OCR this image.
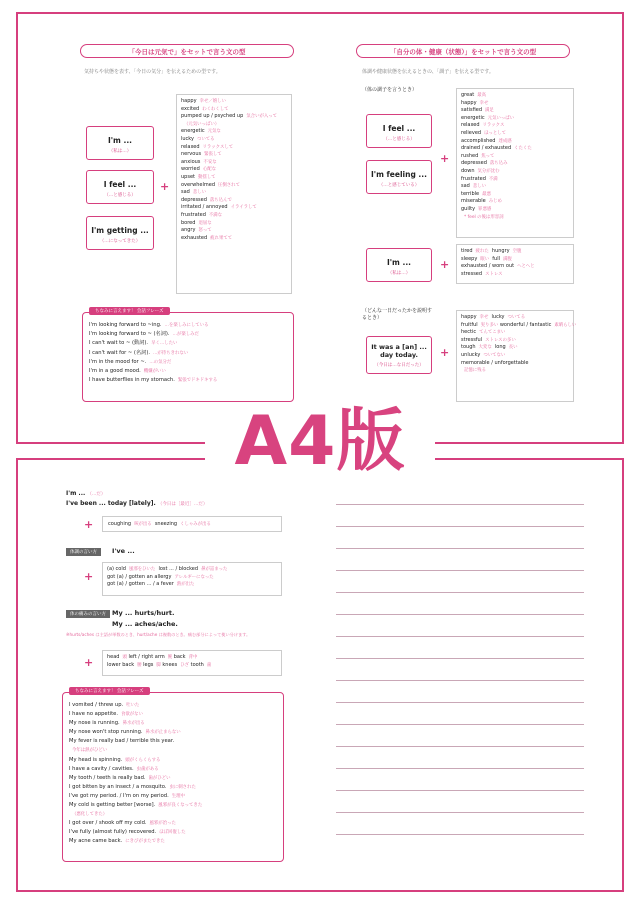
「今日は元気で」をセットで言う文の型
気持ちや状態を表す、「今日の気分」を伝えるための型です。
I'm ...
（私は…）
I feel ...
（…と感じる）
I'm getting ...
（…になってきた）
+
happy 幸せ／嬉しい
excited わくわくして
pumped up / psyched up 気合いが入って
（元気いっぱい）
energetic 元気な
lucky ついてる
relaxed リラックスして
nervous 緊張して
anxious 不安な
worried 心配な
upset 動揺して
overwhelmed 圧倒されて
sad 悲しい
depressed 落ち込んで
irritated / annoyed イライラして
frustrated 不満な
bored 退屈な
angry 怒って
exhausted 疲れ果てて
ちなみに言えます！ 会話フレーズ
I'm looking forward to ~ing. …を楽しみにしている
I'm looking forward to ~ (名詞). …が楽しみだ
I can't wait to ~ (動詞). 早く…したい
I can't wait for ~ (名詞). …が待ちきれない
I'm in the mood for ~. …の気分だ
I'm in a good mood. 機嫌がいい
I have butterflies in my stomach. 緊張でドキドキする
「自分の体・健康（状態）」をセットで言う文の型
体調や健康状態を伝えるときの、「調子」を伝える型です。
（体の調子を言うとき）
I feel ...
（…と感じる）
I'm feeling ...
（…と感じている）
+
great 最高
happy 幸せ
satisfied 満足
energetic 元気いっぱい
relaxed リラックス
relieved ほっとして
accomplished 達成感
drained / exhausted くたくた
rushed 焦って
depressed 落ち込み
down 気分が沈む
frustrated 不満
sad 悲しい
terrible 最悪
miserable みじめ
guilty 罪悪感
* feel の後は形容詞
I'm ...
（私は…）
+
tired 疲れた hungry 空腹
sleepy 眠い full 満腹
exhausted / worn out へとへと
stressed ストレス
（どんな一日だったかを説明するとき）
It was a [an] ... day today.
（今日は…な日だった）
+
happy 幸せ lucky ついてる
fruitful 実り多い wonderful / fantastic 素晴らしい
hectic てんてこまい
stressful ストレスの多い
tough 大変な long 長い
unlucky ついてない
memorable / unforgettable
記憶に残る
I'm ... （…だ）
I've been ... today [lately]. （今日は［最近］…だ）
+	coughing 咳が出る sneezing くしゃみが出る
体調の言い方	I've ...
+
(a) cold 風邪をひいた lost ... / blocked 鼻が詰まった
got (a) / gotten an allergy アレルギーになった
got (a) / gotten ... / a fever 熱が出た
体の痛みの言い方 My ... hurts/hurt.
My ... aches/ache.
※hurts/aches は主語が単数のとき、hurt/ache は複数のとき。痛む部分によって使い分けます。
+	head 頭 left / right arm 腕 back 背中
lower back 腰 legs 脚 knees ひざ tooth 歯
ちなみに言えます！ 会話フレーズ
I vomited / threw up. 吐いた
I have no appetite. 食欲がない
My nose is running. 鼻水が出る
My nose won't stop running. 鼻水が止まらない
My fever is really bad / terrible this year.
今年は熱がひどい
My head is spinning. 頭がくらくらする
I have a cavity / cavities. 虫歯がある
My tooth / teeth is really bad. 歯がひどい
I got bitten by an insect / a mosquito. 虫に刺された
I've got my period. / I'm on my period. 生理中
My cold is getting better [worse]. 風邪が良くなってきた
（悪化してきた）
I got over / shook off my cold. 風邪が治った
I've fully (almost fully) recovered. ほぼ回復した
My acne came back. にきびがまたできた
A4版
